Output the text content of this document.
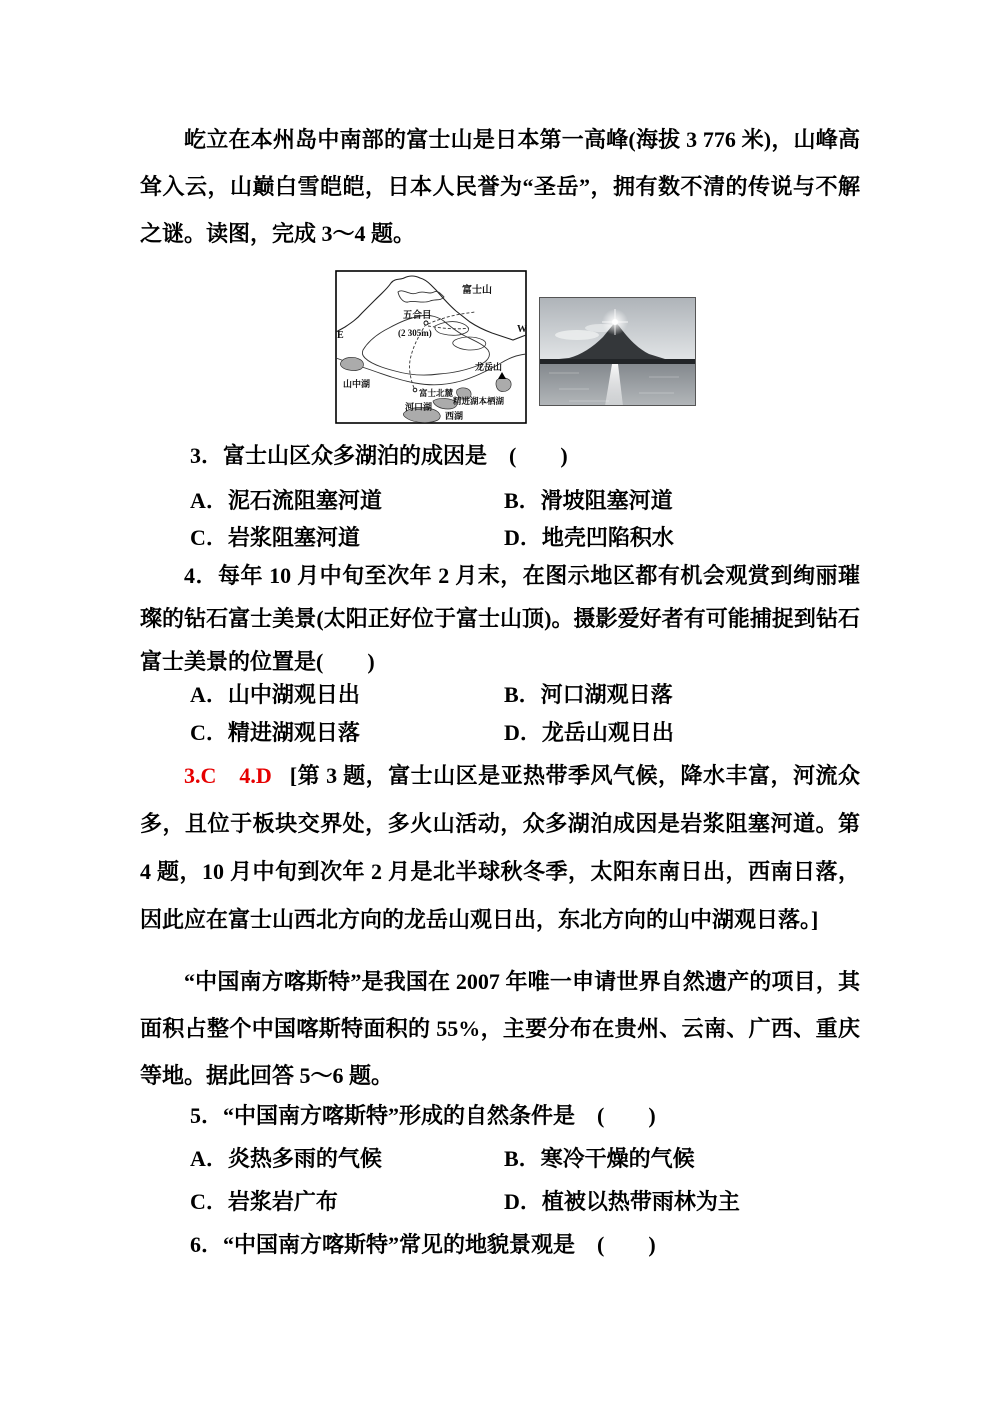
屹立在本州岛中南部的富士山是日本第一高峰(海拔 3 776 米)，山峰高耸入云，山巅白雪皑皑，日本人民誉为“圣岳”，拥有数不清的传说与不解之谜。读图，完成 3～4 题。
富士山
五合目
(2 305m)
E
W
山中湖
龙岳山
富士北麓
河口湖
精进湖本栖湖
西湖
3．富士山区众多湖泊的成因是　(　　)
A．泥石流阻塞河道	B．滑坡阻塞河道
C．岩浆阻塞河道	D．地壳凹陷积水
4．每年 10 月中旬至次年 2 月末，在图示地区都有机会观赏到绚丽璀璨的钻石富士美景(太阳正好位于富士山顶)。摄影爱好者有可能捕捉到钻石富士美景的位置是(　　)
A．山中湖观日出	B．河口湖观日落
C．精进湖观日落	D．龙岳山观日出
3.C　4.D [第 3 题，富士山区是亚热带季风气候，降水丰富，河流众多，且位于板块交界处，多火山活动，众多湖泊成因是岩浆阻塞河道。第 4 题，10 月中旬到次年 2 月是北半球秋冬季，太阳东南日出，西南日落，因此应在富士山西北方向的龙岳山观日出，东北方向的山中湖观日落。]
“中国南方喀斯特”是我国在 2007 年唯一申请世界自然遗产的项目，其面积占整个中国喀斯特面积的 55%，主要分布在贵州、云南、广西、重庆等地。据此回答 5～6 题。
5．“中国南方喀斯特”形成的自然条件是　(　　)
A．炎热多雨的气候	B．寒冷干燥的气候
C．岩浆岩广布	D．植被以热带雨林为主
6．“中国南方喀斯特”常见的地貌景观是　(　　)
